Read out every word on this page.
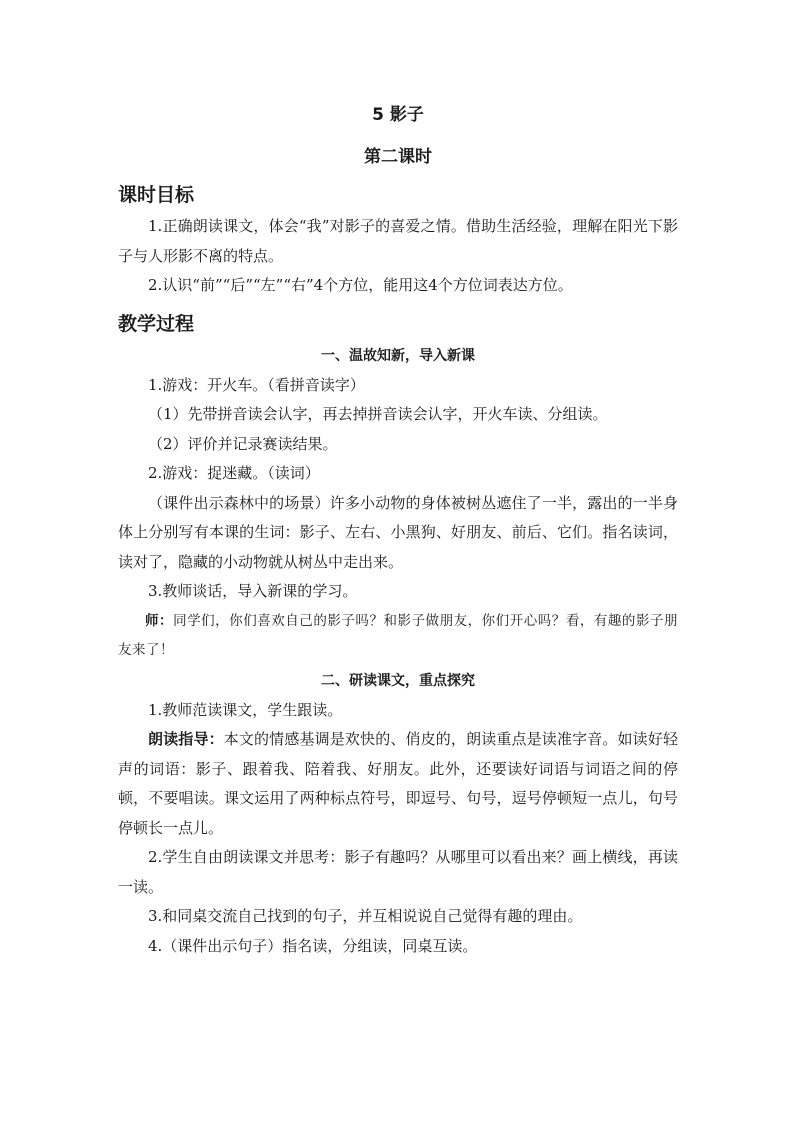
5 影子

第二课时

课时目标

1.正确朗读课文，体会“我”对影子的喜爱之情。借助生活经验，理解在阳光下影子与人形影不离的特点。

2.认识“前”“后”“左”“右”4个方位，能用这4个方位词表达方位。

教学过程

一、温故知新，导入新课

1.游戏：开火车。（看拼音读字）

（1）先带拼音读会认字，再去掉拼音读会认字，开火车读、分组读。

（2）评价并记录赛读结果。

2.游戏：捉迷藏。（读词）

（课件出示森林中的场景）许多小动物的身体被树丛遮住了一半，露出的一半身体上分别写有本课的生词：影子、左右、小黑狗、好朋友、前后、它们。指名读词，读对了，隐藏的小动物就从树丛中走出来。

3.教师谈话，导入新课的学习。

师：同学们，你们喜欢自己的影子吗？和影子做朋友，你们开心吗？看，有趣的影子朋友来了！

二、研读课文，重点探究

1.教师范读课文，学生跟读。

朗读指导：本文的情感基调是欢快的、俏皮的，朗读重点是读准字音。如读好轻声的词语：影子、跟着我、陪着我、好朋友。此外，还要读好词语与词语之间的停顿，不要唱读。课文运用了两种标点符号，即逗号、句号，逗号停顿短一点儿，句号停顿长一点儿。

2.学生自由朗读课文并思考：影子有趣吗？从哪里可以看出来？画上横线，再读一读。

3.和同桌交流自己找到的句子，并互相说说自己觉得有趣的理由。

4.（课件出示句子）指名读，分组读，同桌互读。
